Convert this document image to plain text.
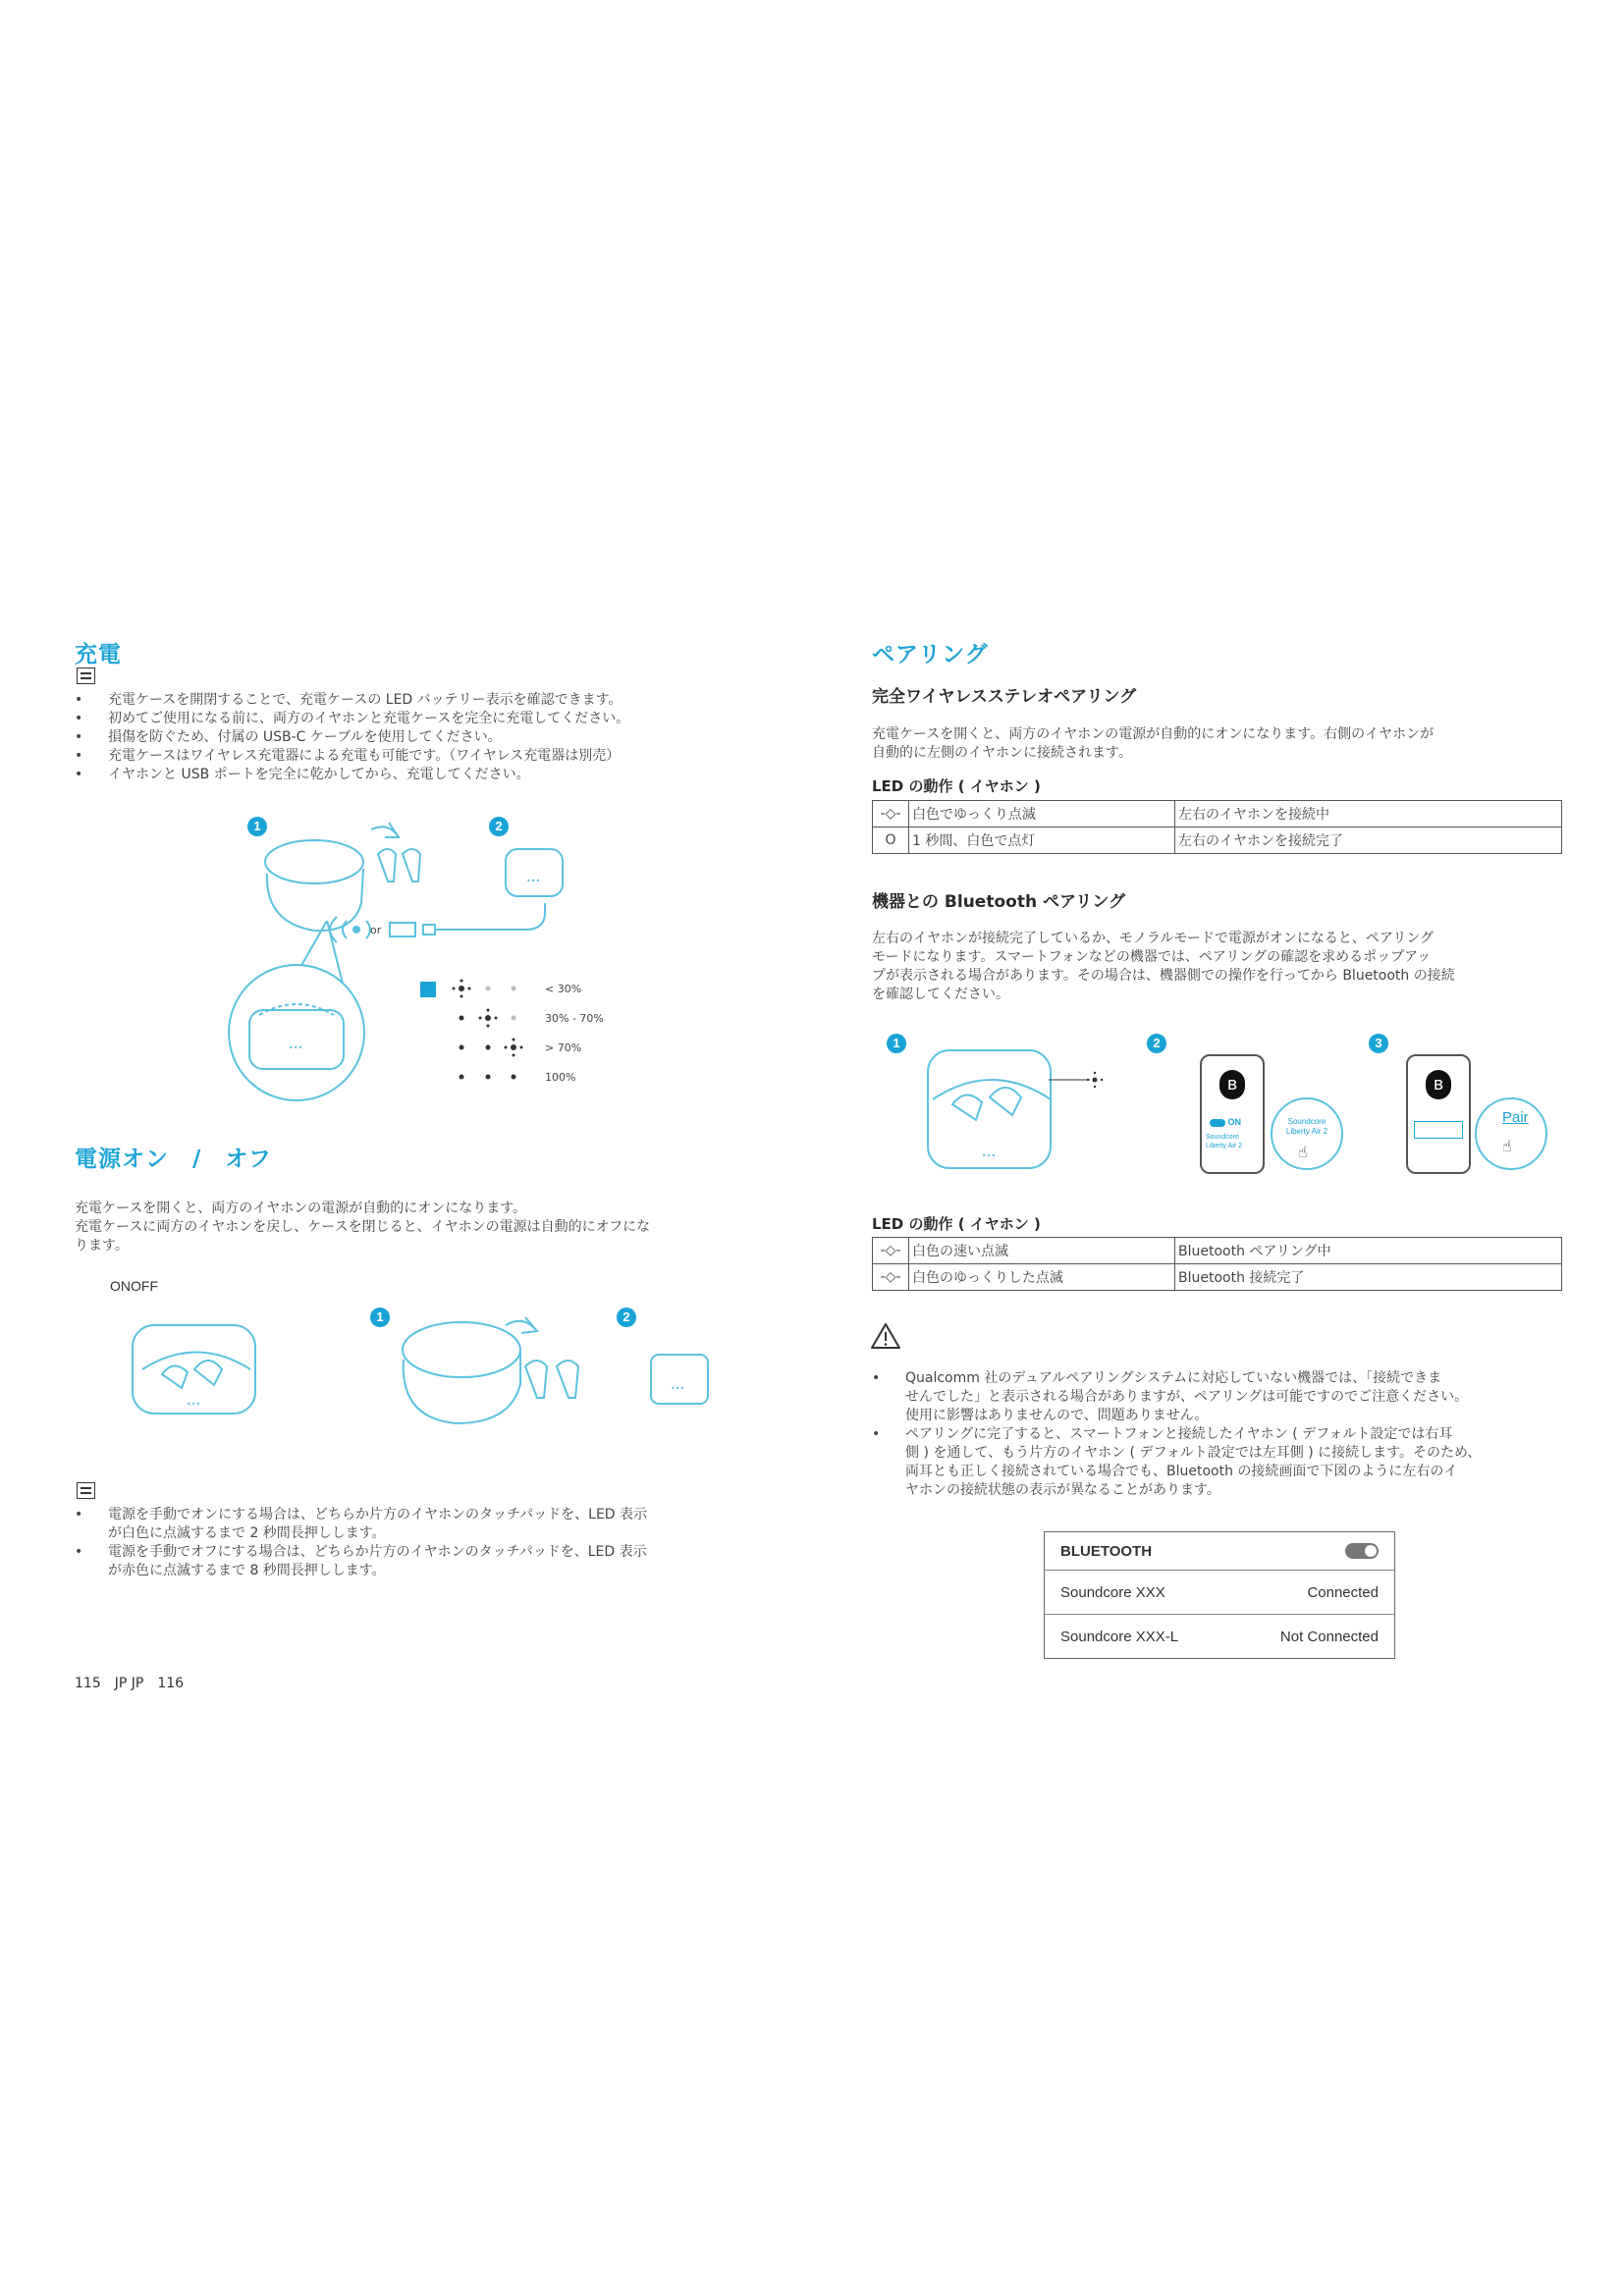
充電
• 充電ケースを開閉することで、充電ケースの LED バッテリー表示を確認できます。
• 初めてご使用になる前に、両方のイヤホンと充電ケースを完全に充電してください。
• 損傷を防ぐため、付属の USB-C ケーブルを使用してください。
• 充電ケースはワイヤレス充電器による充電も可能です。（ワイヤレス充電器は別売）
• イヤホンと USB ポートを完全に乾かしてから、充電してください。
1	2
•••
or
•••
< 30%
30% - 70%
> 70%
100%
電源オン　/　オフ
充電ケースを開くと、両方のイヤホンの電源が自動的にオンになります。
充電ケースに両方のイヤホンを戻し、ケースを閉じると、イヤホンの電源は自動的にオフにな
ります。
ONOFF
•••
1	2
•••
• 電源を手動でオンにする場合は、どちらか片方のイヤホンのタッチパッドを、LED 表示
が白色に点滅するまで 2 秒間長押しします。
• 電源を手動でオフにする場合は、どちらか片方のイヤホンのタッチパッドを、LED 表示
が赤色に点滅するまで 8 秒間長押しします。
115　JP JP　116
ペアリング
完全ワイヤレスステレオペアリング
充電ケースを開くと、両方のイヤホンの電源が自動的にオンになります。右側のイヤホンが
自動的に左側のイヤホンに接続されます。
LED の動作 ( イヤホン )
-◇-	白色でゆっくり点滅	左右のイヤホンを接続中
O	1 秒間、白色で点灯	左右のイヤホンを接続完了
機器との Bluetooth ペアリング
左右のイヤホンが接続完了しているか、モノラルモードで電源がオンになると、ペアリング
モードになります。スマートフォンなどの機器では、ペアリングの確認を求めるポップアッ
プが表示される場合があります。その場合は、機器側での操作を行ってから Bluetooth の接続
を確認してください。
1	2	3
•••
ʙ
ON
Soundcore
Liberty Air 2
Soundcore
Liberty Air 2
☝
ʙ
Pair
☝
LED の動作 ( イヤホン )
-◇-	白色の速い点滅	Bluetooth ペアリング中
-◇-	白色のゆっくりした点滅	Bluetooth 接続完了
• Qualcomm 社のデュアルペアリングシステムに対応していない機器では、「接続できま
せんでした」と表示される場合がありますが、ペアリングは可能ですのでご注意ください。
使用に影響はありませんので、問題ありません。
• ペアリングに完了すると、スマートフォンと接続したイヤホン ( デフォルト設定では右耳
側 ) を通して、もう片方のイヤホン ( デフォルト設定では左耳側 ) に接続します。そのため、
両耳とも正しく接続されている場合でも、Bluetooth の接続画面で下図のように左右のイ
ヤホンの接続状態の表示が異なることがあります。
BLUETOOTH
Soundcore XXX	Connected
Soundcore XXX-L	Not Connected
